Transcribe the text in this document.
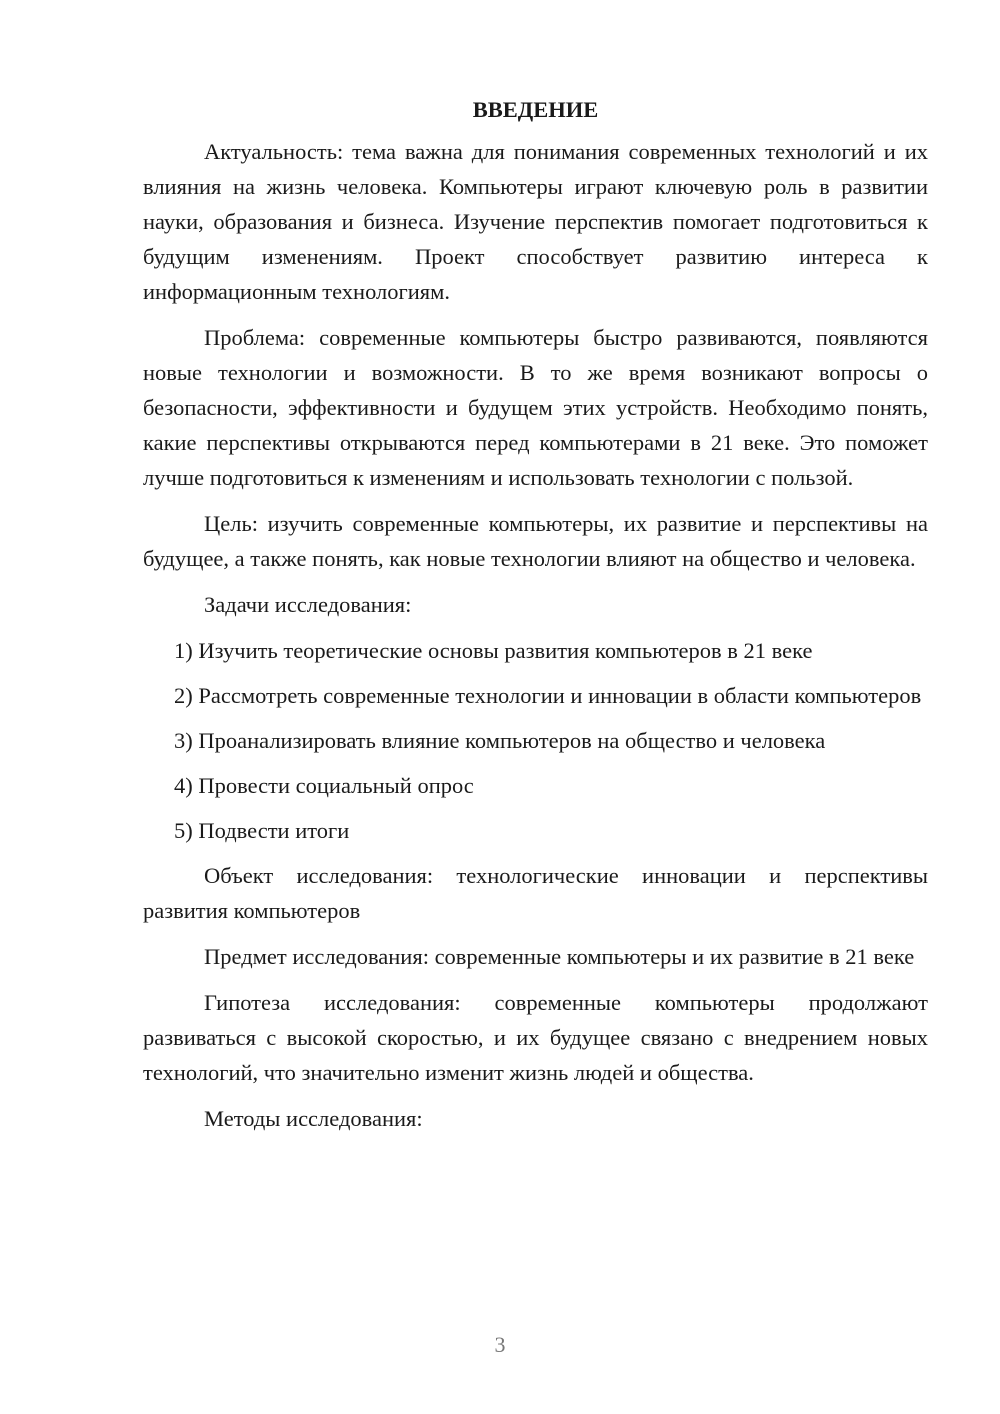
ВВЕДЕНИЕ

Актуальность: тема важна для понимания современных технологий и их влияния на жизнь человека. Компьютеры играют ключевую роль в развитии науки, образования и бизнеса. Изучение перспектив помогает подготовиться к будущим изменениям. Проект способствует развитию интереса к информационным технологиям.

Проблема: современные компьютеры быстро развиваются, появляются новые технологии и возможности. В то же время возникают вопросы о безопасности, эффективности и будущем этих устройств. Необходимо понять, какие перспективы открываются перед компьютерами в 21 веке. Это поможет лучше подготовиться к изменениям и использовать технологии с пользой.

Цель: изучить современные компьютеры, их развитие и перспективы на будущее, а также понять, как новые технологии влияют на общество и человека.

Задачи исследования:

1) Изучить теоретические основы развития компьютеров в 21 веке

2) Рассмотреть современные технологии и инновации в области компьютеров

3) Проанализировать влияние компьютеров на общество и человека

4) Провести социальный опрос

5) Подвести итоги

Объект исследования: технологические инновации и перспективы развития компьютеров

Предмет исследования: современные компьютеры и их развитие в 21 веке

Гипотеза исследования: современные компьютеры продолжают развиваться с высокой скоростью, и их будущее связано с внедрением новых технологий, что значительно изменит жизнь людей и общества.

Методы исследования:

3
